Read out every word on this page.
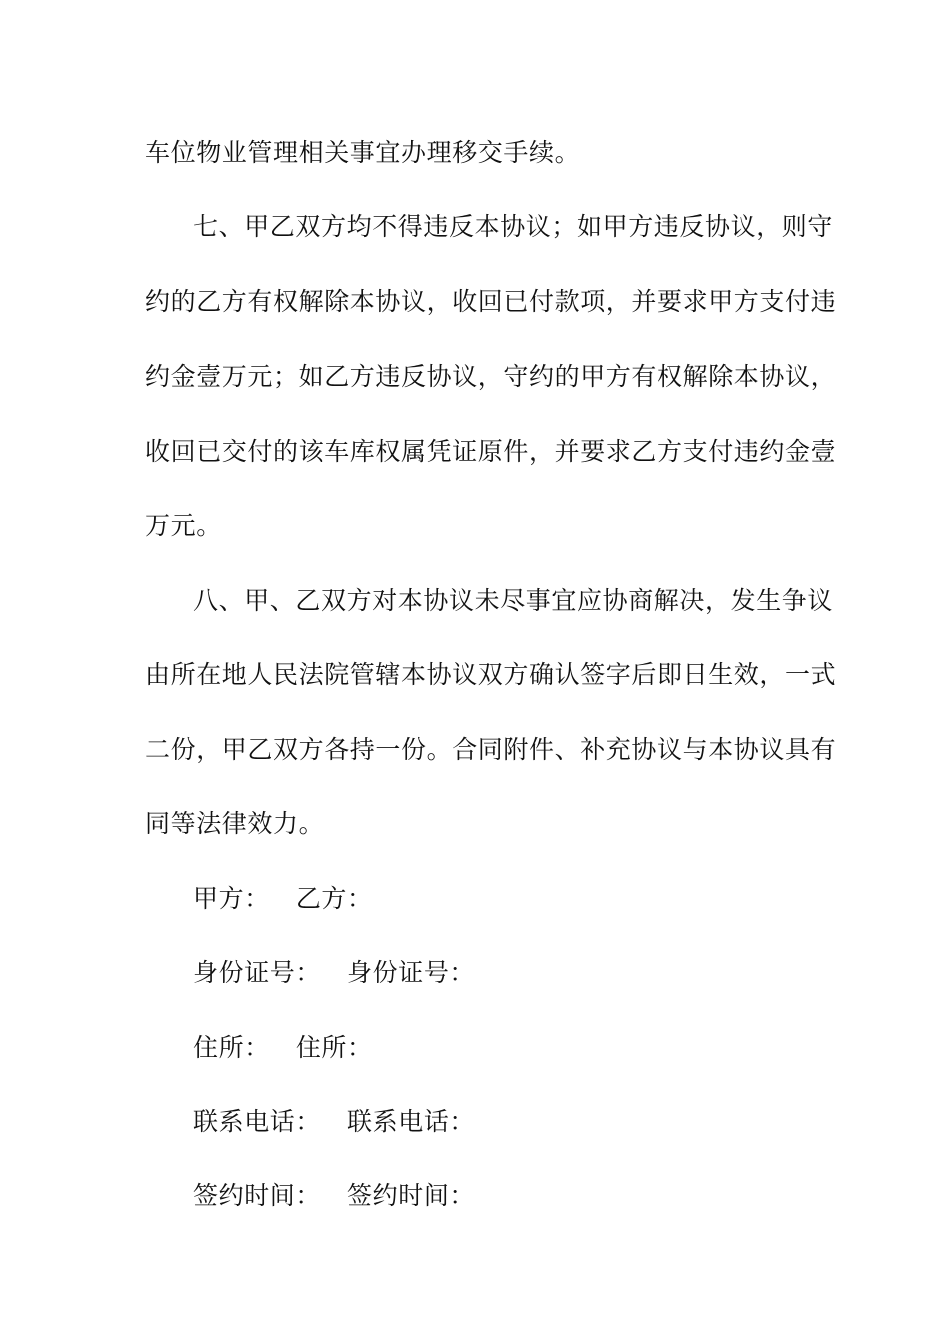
车位物业管理相关事宜办理移交手续。
七、甲乙双方均不得违反本协议；如甲方违反协议，则守
约的乙方有权解除本协议，收回已付款项，并要求甲方支付违
约金壹万元；如乙方违反协议，守约的甲方有权解除本协议，
收回已交付的该车库权属凭证原件，并要求乙方支付违约金壹
万元。
八、甲、乙双方对本协议未尽事宜应协商解决，发生争议
由所在地人民法院管辖本协议双方确认签字后即日生效，一式
二份，甲乙双方各持一份。合同附件、补充协议与本协议具有
同等法律效力。
甲方： 乙方：
身份证号： 身份证号：
住所： 住所：
联系电话： 联系电话：
签约时间： 签约时间：
